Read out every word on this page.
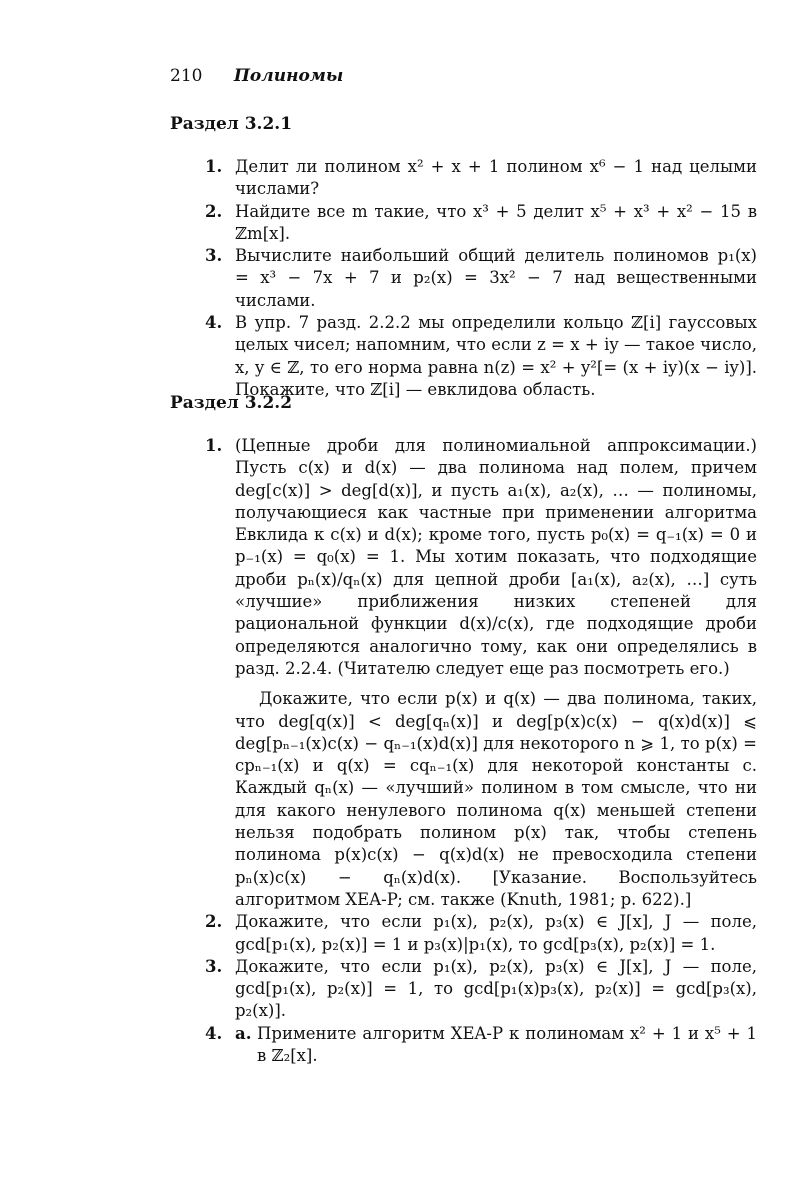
210 Полиномы
Раздел 3.2.1
1. Делит ли полином x² + x + 1 полином x⁶ − 1 над целыми числами?

2. Найдите все m такие, что x³ + 5 делит x⁵ + x³ + x² − 15 в ℤm[x].

3. Вычислите наибольший общий делитель полиномов p₁(x) = x³ − 7x + 7 и p₂(x) = 3x² − 7 над вещественными числами.

4. В упр. 7 разд. 2.2.2 мы определили кольцо ℤ[i] гауссовых целых чисел; напомним, что если z = x + iy — такое число, x, y ∈ ℤ, то его норма равна n(z) = x² + y²[= (x + iy)(x − iy)]. Покажите, что ℤ[i] — евклидова область.

Раздел 3.2.2
1. (Цепные дроби для полиномиальной аппроксимации.) Пусть c(x) и d(x) — два полинома над полем, причем deg[c(x)] > deg[d(x)], и пусть a₁(x), a₂(x), … — полиномы, получающиеся как частные при применении алгоритма Евклида к c(x) и d(x); кроме того, пусть p₀(x) = q₋₁(x) = 0 и p₋₁(x) = q₀(x) = 1. Мы хотим показать, что подходящие дроби pₙ(x)/qₙ(x) для цепной дроби [a₁(x), a₂(x), …] суть «лучшие» приближения низких степеней для рациональной функции d(x)/c(x), где подходящие дроби определяются аналогично тому, как они определялись в разд. 2.2.4. (Читателю следует еще раз посмотреть его.)

Докажите, что если p(x) и q(x) — два полинома, таких, что deg[q(x)] < deg[qₙ(x)] и deg[p(x)c(x) − q(x)d(x)] ⩽ deg[pₙ₋₁(x)c(x) − qₙ₋₁(x)d(x)] для некоторого n ⩾ 1, то p(x) = cpₙ₋₁(x) и q(x) = cqₙ₋₁(x) для некоторой константы c. Каждый qₙ(x) — «лучший» полином в том смысле, что ни для какого ненулевого полинома q(x) меньшей степени нельзя подобрать полином p(x) так, чтобы степень полинома p(x)c(x) − q(x)d(x) не превосходила степени pₙ(x)c(x) − qₙ(x)d(x). [Указание. Воспользуйтесь алгоритмом XEA-P; см. также (Knuth, 1981; p. 622).]

2. Докажите, что если p₁(x), p₂(x), p₃(x) ∈ J[x], J — поле, gcd[p₁(x), p₂(x)] = 1 и p₃(x)|p₁(x), то gcd[p₃(x), p₂(x)] = 1.

3. Докажите, что если p₁(x), p₂(x), p₃(x) ∈ J[x], J — поле, gcd[p₁(x), p₂(x)] = 1, то gcd[p₁(x)p₃(x), p₂(x)] = gcd[p₃(x), p₂(x)].

4. a. Примените алгоритм XEA-P к полиномам x² + 1 и x⁵ + 1 в ℤ₂[x].
